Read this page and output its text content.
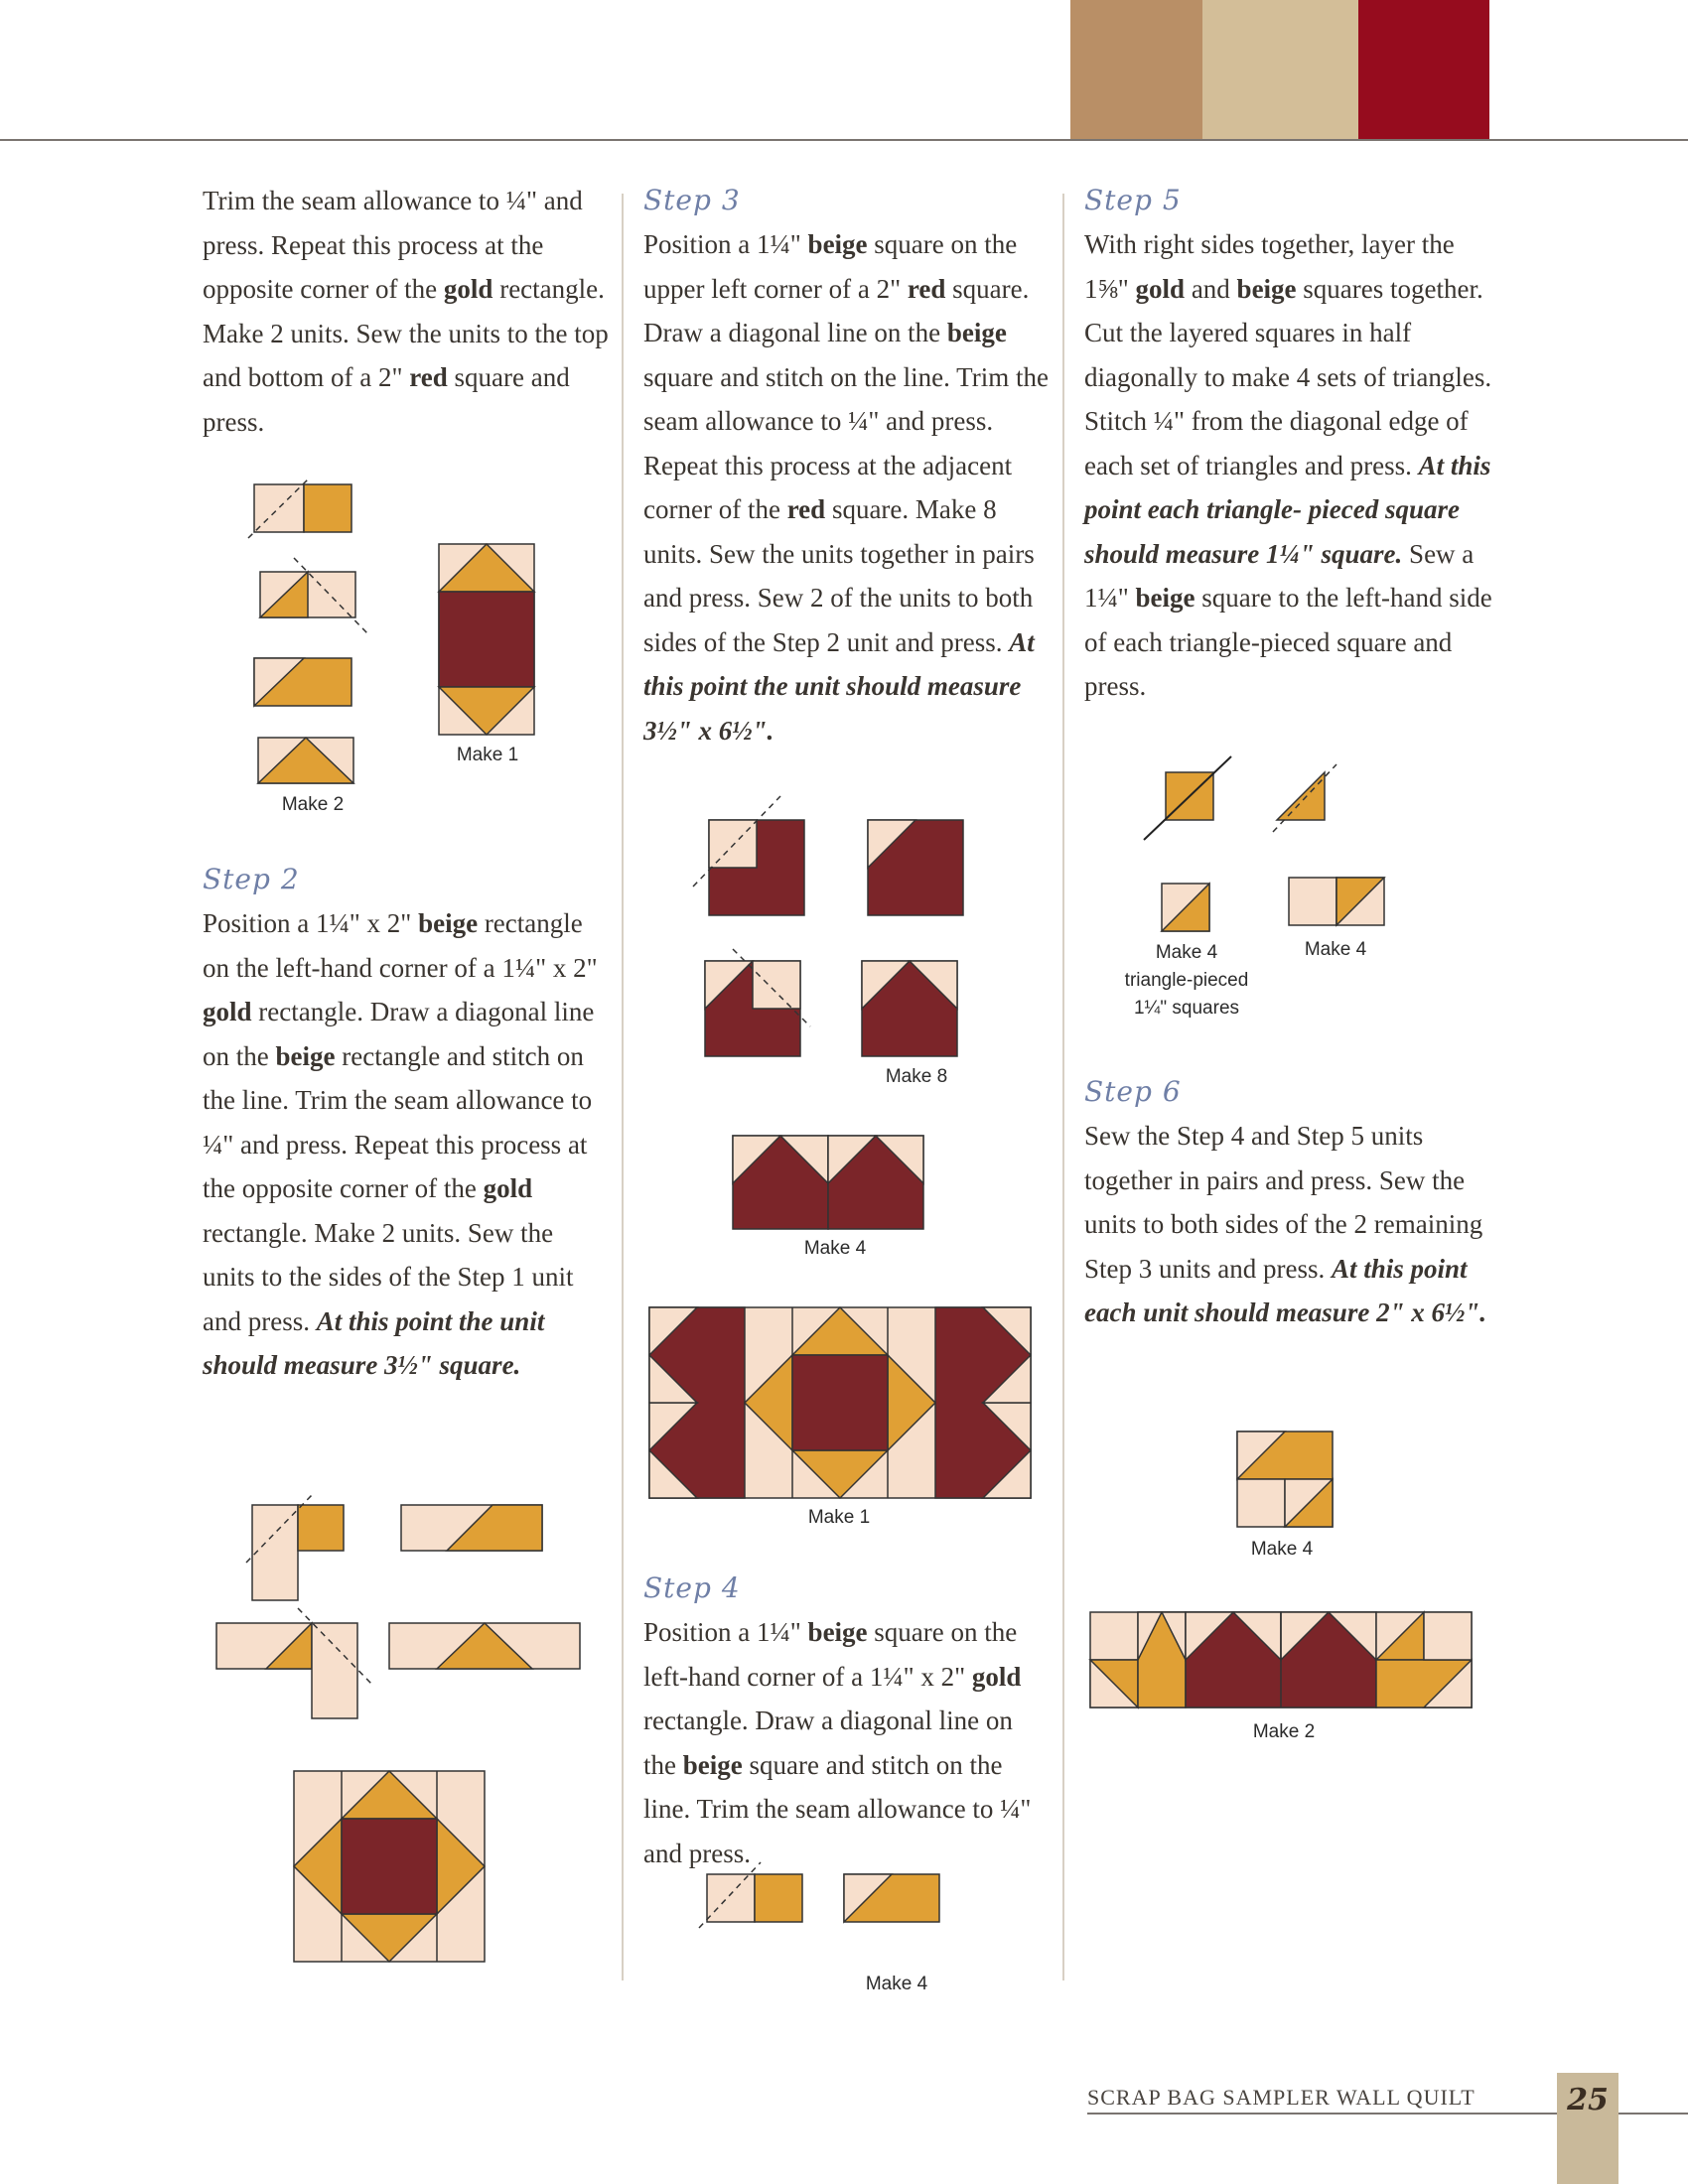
Trim the seam allowance to ¼" and press. Repeat this process at the opposite corner of the gold rectangle. Make 2 units. Sew the units to the top and bottom of a 2" red square and press.

Make 2
Make 1
Step 2

Position a 1¼" x 2" beige rectangle on the left-hand corner of a 1¼" x 2" gold rectangle. Draw a diagonal line on the beige rectangle and stitch on the line. Trim the seam allowance to ¼" and press. Repeat this process at the opposite corner of the gold rectangle. Make 2 units. Sew the units to the sides of the Step 1 unit and press. At this point the unit should measure 3½" square.

Step 3

Position a 1¼" beige square on the upper left corner of a 2" red square. Draw a diagonal line on the beige square and stitch on the line. Trim the seam allowance to ¼" and press. Repeat this process at the adjacent corner of the red square. Make 8 units. Sew the units together in pairs and press. Sew 2 of the units to both sides of the Step 2 unit and press. At this point the unit should measure 3½" x 6½".

Make 8
Make 4
Make 1
Step 4

Position a 1¼" beige square on the left-hand corner of a 1¼" x 2" gold rectangle. Draw a diagonal line on the beige square and stitch on the line. Trim the seam allowance to ¼" and press.

Make 4
Step 5

With right sides together, layer the 1⅝" gold and beige squares together. Cut the layered squares in half diagonally to make 4 sets of triangles. Stitch ¼" from the diagonal edge of each set of triangles and press. At this point each triangle- pieced square should measure 1¼" square. Sew a 1¼" beige square to the left-hand side of each triangle-pieced square and press.

Make 4
triangle-pieced
1¼" squares
Make 4
Step 6

Sew the Step 4 and Step 5 units together in pairs and press. Sew the units to both sides of the 2 remaining Step 3 units and press. At this point each unit should measure 2" x 6½".

Make 4
Make 2
SCRAP BAG SAMPLER WALL QUILT	25
